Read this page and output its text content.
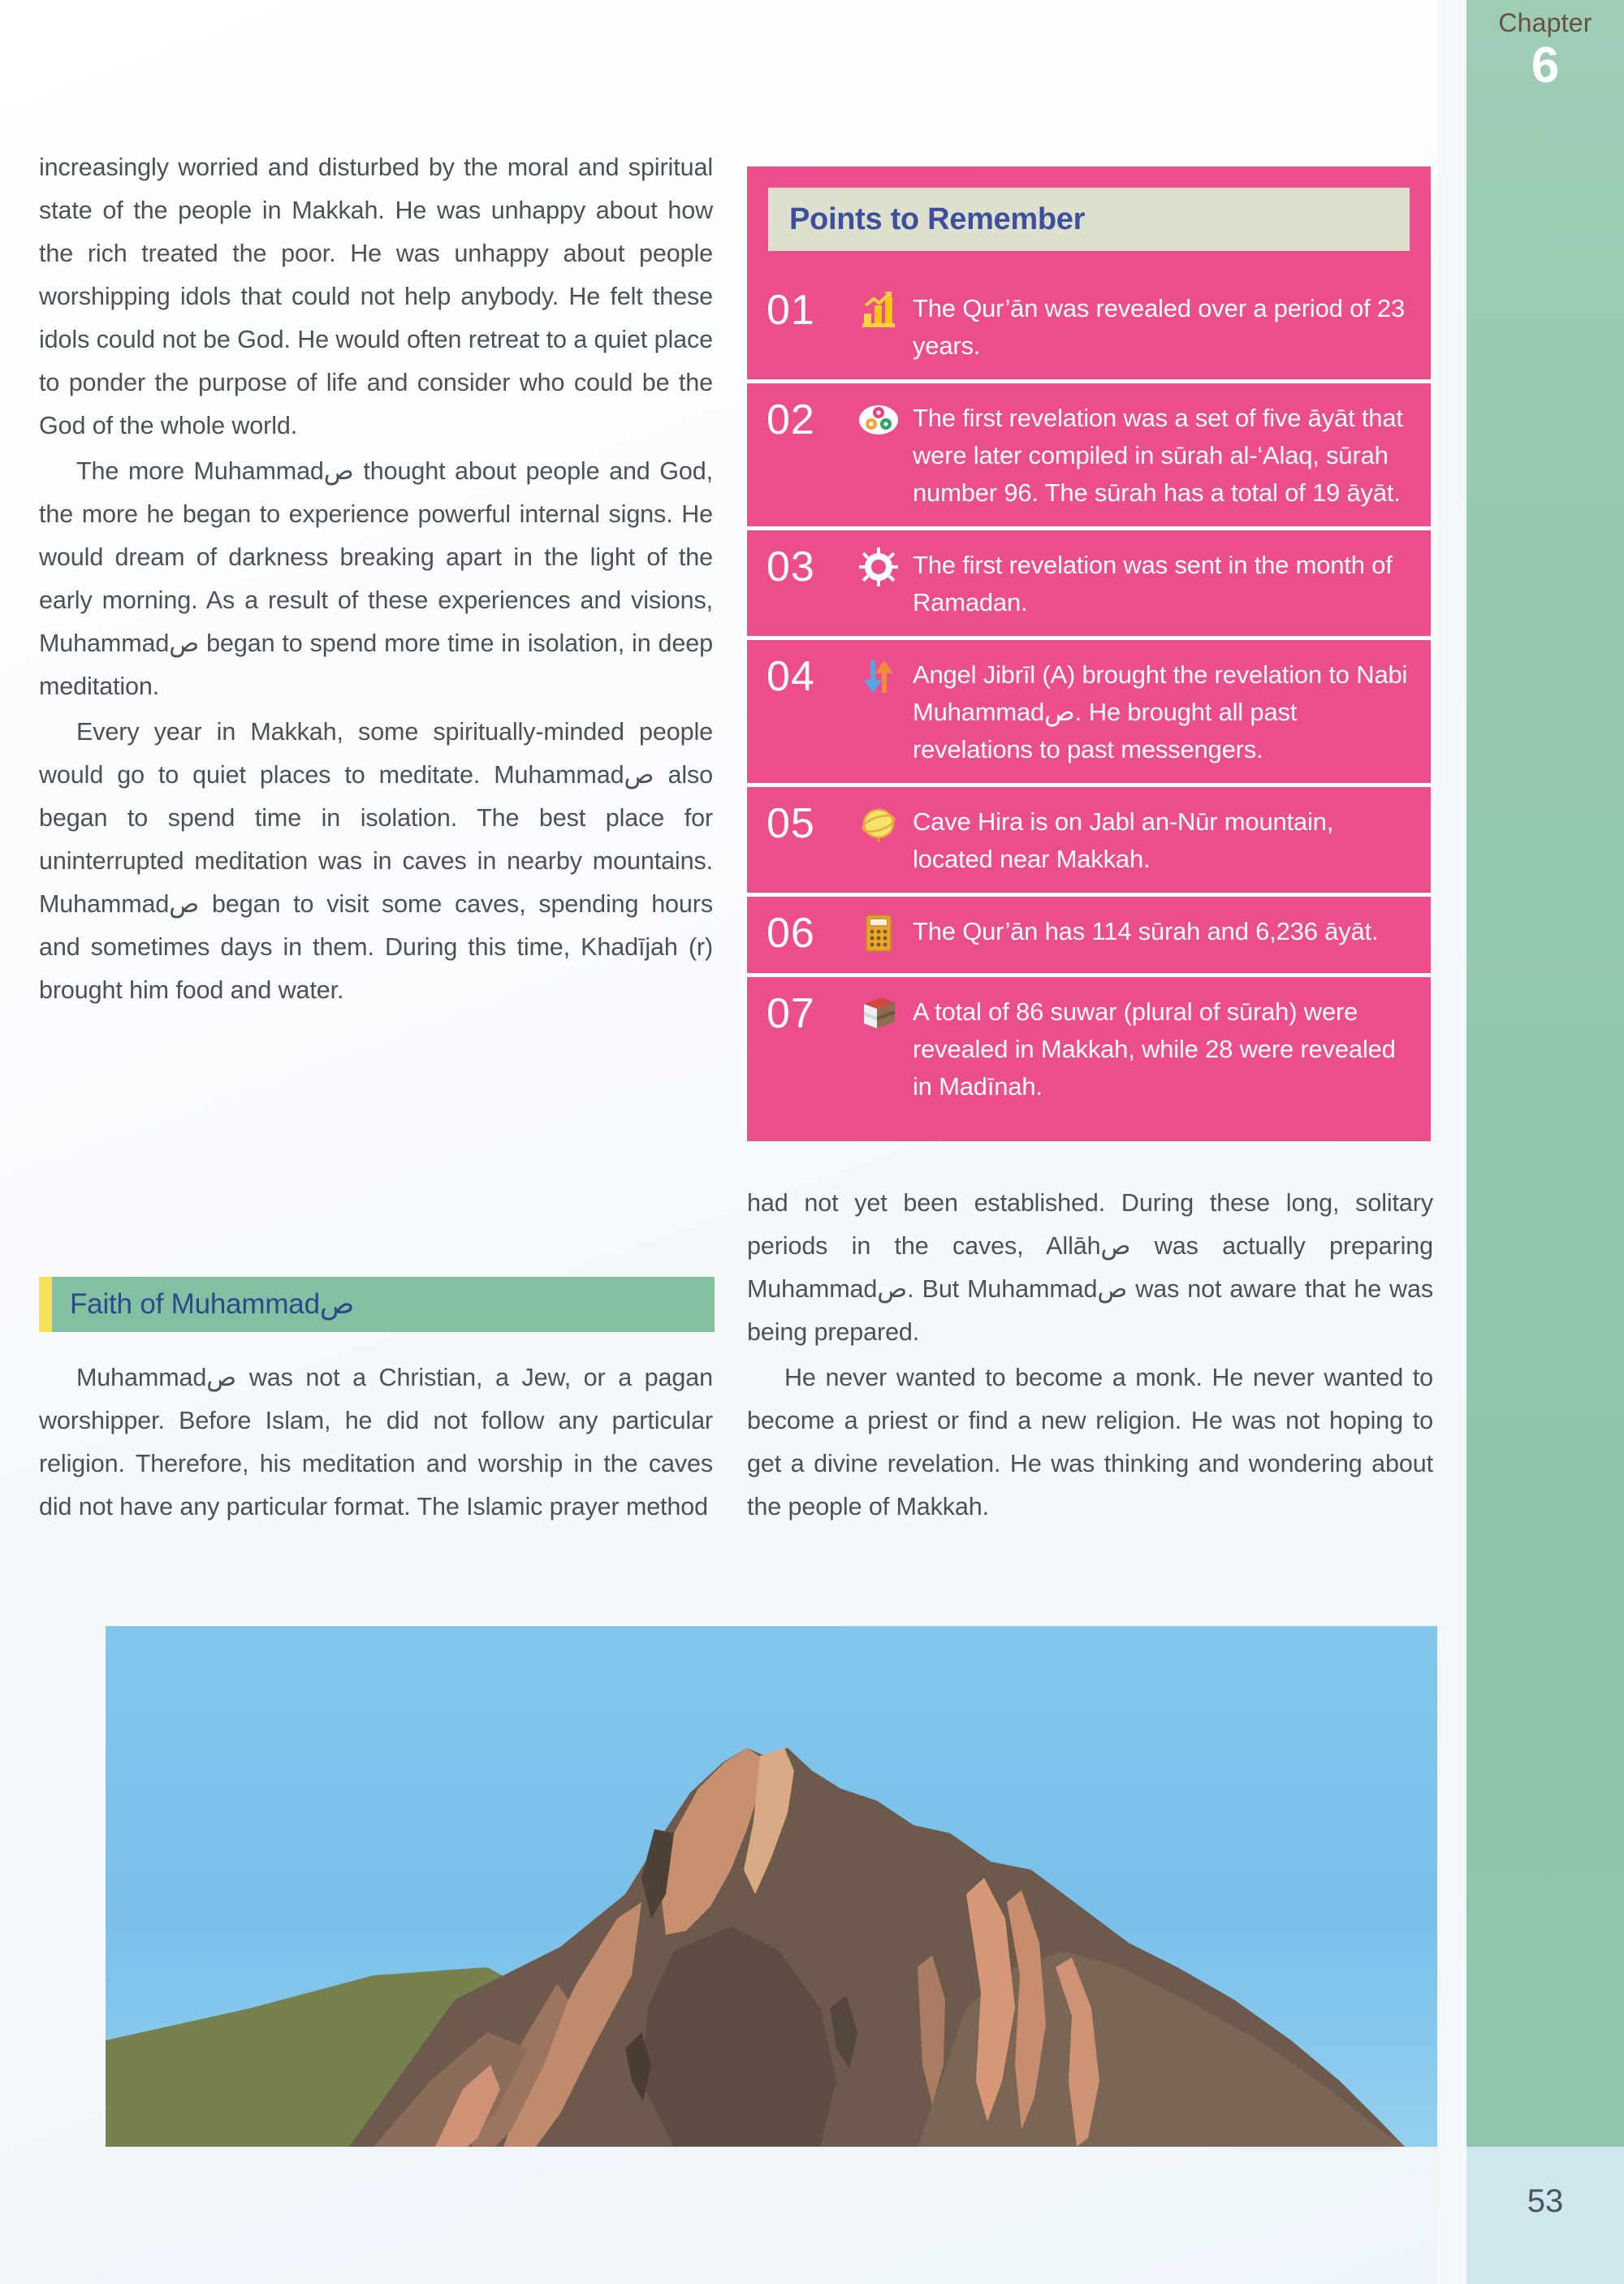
Chapter
6
53

increasingly worried and disturbed by the moral and spiritual state of the people in Makkah. He was unhappy about how the rich treated the poor. He was unhappy about people worshipping idols that could not help anybody. He felt these idols could not be God. He would often retreat to a quiet place to ponder the purpose of life and consider who could be the God of the whole world.

The more Muhammadص thought about people and God, the more he began to experience powerful internal signs. He would dream of darkness breaking apart in the light of the early morning. As a result of these experiences and visions, Muhammadص began to spend more time in isolation, in deep meditation.

Every year in Makkah, some spiritually-minded people would go to quiet places to meditate. Muhammadص also began to spend time in isolation. The best place for uninterrupted meditation was in caves in nearby mountains. Muhammadص began to visit some caves, spending hours and sometimes days in them. During this time, Khadījah (r) brought him food and water.

Faith of Muhammadص

Muhammadص was not a Christian, a Jew, or a pagan worshipper. Before Islam, he did not follow any particular religion. Therefore, his meditation and worship in the caves did not have any particular format. The Islamic prayer method

Points to Remember
01	The Qur’ān was revealed over a period of 23 years.
02	The first revelation was a set of five āyāt that were later compiled in sūrah al-‘Alaq, sūrah number 96. The sūrah has a total of 19 āyāt.
03	The first revelation was sent in the month of Ramadan.
04	Angel Jibrīl (A) brought the revelation to Nabi Muhammadص. He brought all past revelations to past messengers.
05	Cave Hira is on Jabl an-Nūr mountain, located near Makkah.
06	The Qur’ān has 114 sūrah and 6,236 āyāt.
07	A total of 86 suwar (plural of sūrah) were revealed in Makkah, while 28 were revealed in Madīnah.

had not yet been established. During these long, solitary periods in the caves, Allāhص was actually preparing Muhammadص. But Muhammadص was not aware that he was being prepared.

He never wanted to become a monk. He never wanted to become a priest or find a new religion. He was not hoping to get a divine revelation. He was thinking and wondering about the people of Makkah.
